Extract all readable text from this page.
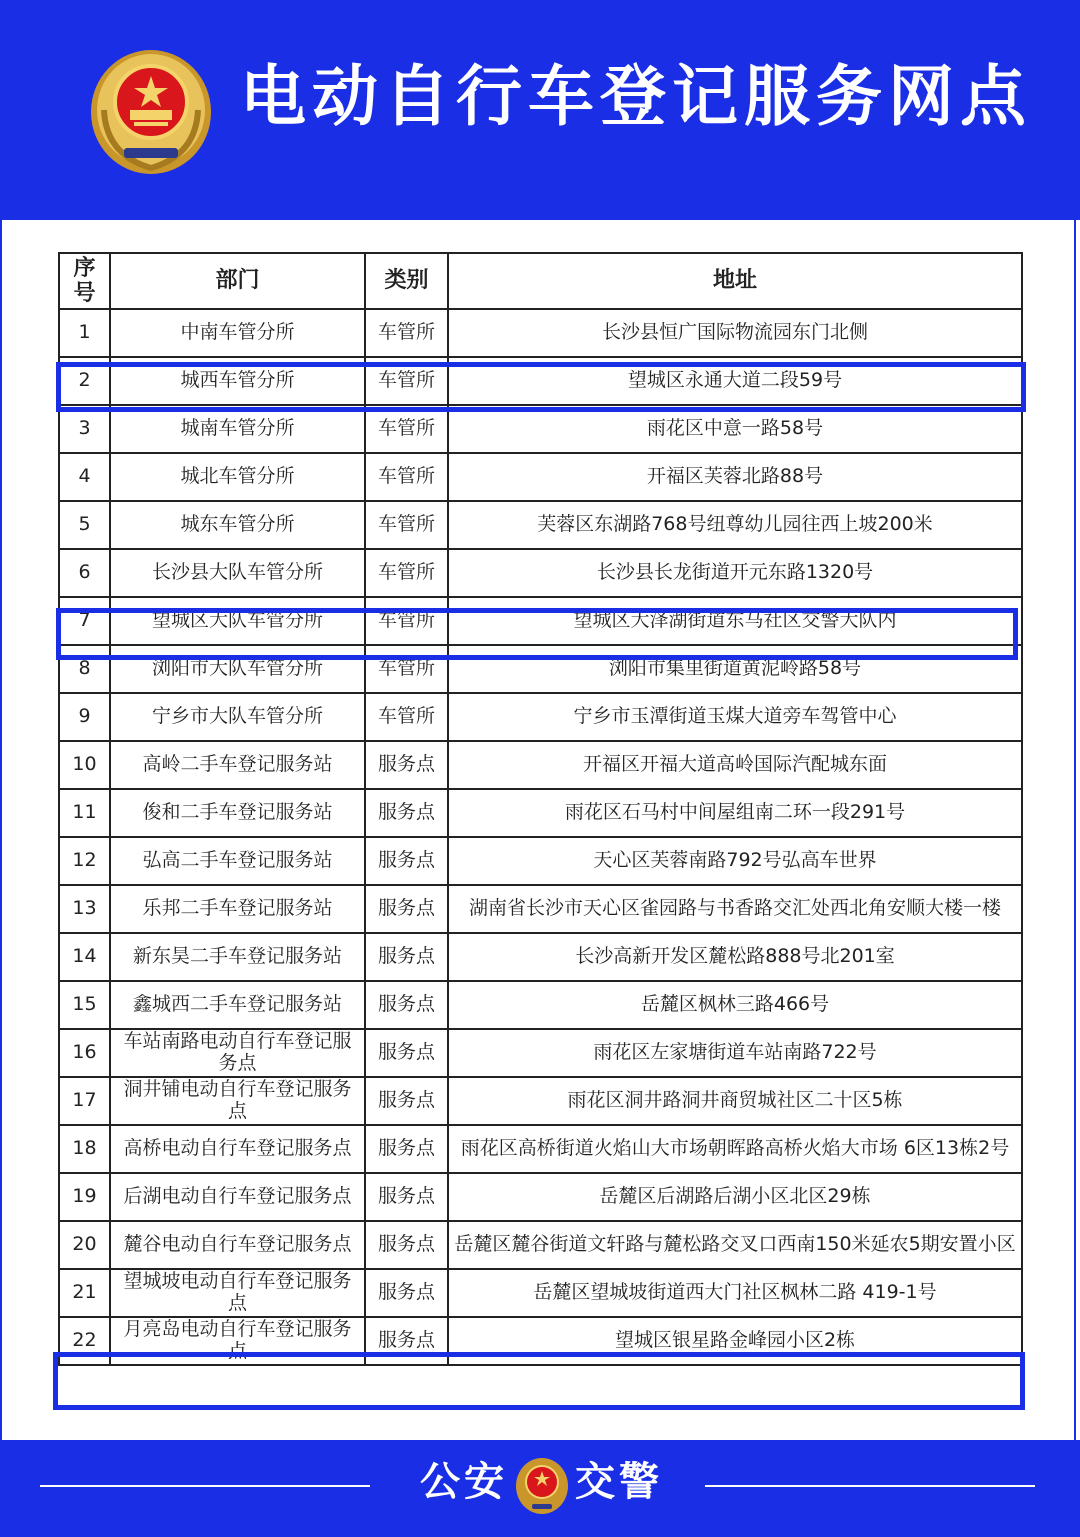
电动自行车登记服务网点
序号	部门	类别	地址
1	中南车管分所	车管所	长沙县恒广国际物流园东门北侧
2	城西车管分所	车管所	望城区永通大道二段59号
3	城南车管分所	车管所	雨花区中意一路58号
4	城北车管分所	车管所	开福区芙蓉北路88号
5	城东车管分所	车管所	芙蓉区东湖路768号纽尊幼儿园往西上坡200米
6	长沙县大队车管分所	车管所	长沙县长龙街道开元东路1320号
7	望城区大队车管分所	车管所	望城区大泽湖街道东马社区交警大队内
8	浏阳市大队车管分所	车管所	浏阳市集里街道黄泥岭路58号
9	宁乡市大队车管分所	车管所	宁乡市玉潭街道玉煤大道旁车驾管中心
10	高岭二手车登记服务站	服务点	开福区开福大道高岭国际汽配城东面
11	俊和二手车登记服务站	服务点	雨花区石马村中间屋组南二环一段291号
12	弘高二手车登记服务站	服务点	天心区芙蓉南路792号弘高车世界
13	乐邦二手车登记服务站	服务点	湖南省长沙市天心区雀园路与书香路交汇处西北角安顺大楼一楼
14	新东昊二手车登记服务站	服务点	长沙高新开发区麓松路888号北201室
15	鑫城西二手车登记服务站	服务点	岳麓区枫林三路466号
16	车站南路电动自行车登记服务点	服务点	雨花区左家塘街道车站南路722号
17	洞井铺电动自行车登记服务点	服务点	雨花区洞井路洞井商贸城社区二十区5栋
18	高桥电动自行车登记服务点	服务点	雨花区高桥街道火焰山大市场朝晖路高桥火焰大市场 6区13栋2号
19	后湖电动自行车登记服务点	服务点	岳麓区后湖路后湖小区北区29栋
20	麓谷电动自行车登记服务点	服务点	岳麓区麓谷街道文轩路与麓松路交叉口西南150米延农5期安置小区
21	望城坡电动自行车登记服务点	服务点	岳麓区望城坡街道西大门社区枫林二路 419-1号
22	月亮岛电动自行车登记服务点	服务点	望城区银星路金峰园小区2栋
公安 交警
